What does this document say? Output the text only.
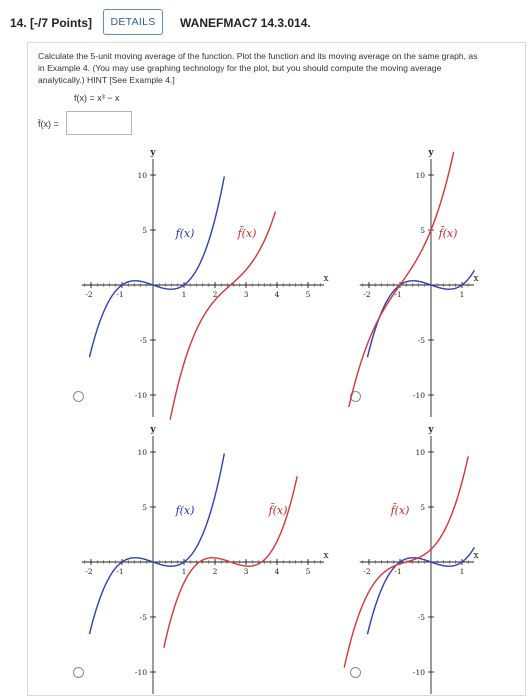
14. [-/7 Points]	DETAILS	WANEFMAC7 14.3.014.
Calculate the 5-unit moving average of the function. Plot the function and its moving average on the same graph, as in Example 4. (You may use graphing technology for the plot, but you should compute the moving average analytically.) HINT [See Example 4.]
f(x) = x³ − x
f̄(x) =
x
y
-2	-1	1	2	3	4	5
10
5
-5
-10
f(x)	f̄(x)
x
y
-2	-1	1
10
5
-5
-10
f̄(x)
x
y
-2	-1	1	2	3	4	5
10
5
-5
-10
f(x)	f̄(x)
x
y
-2	-1	1
10
5
-5
-10
f̄(x)
